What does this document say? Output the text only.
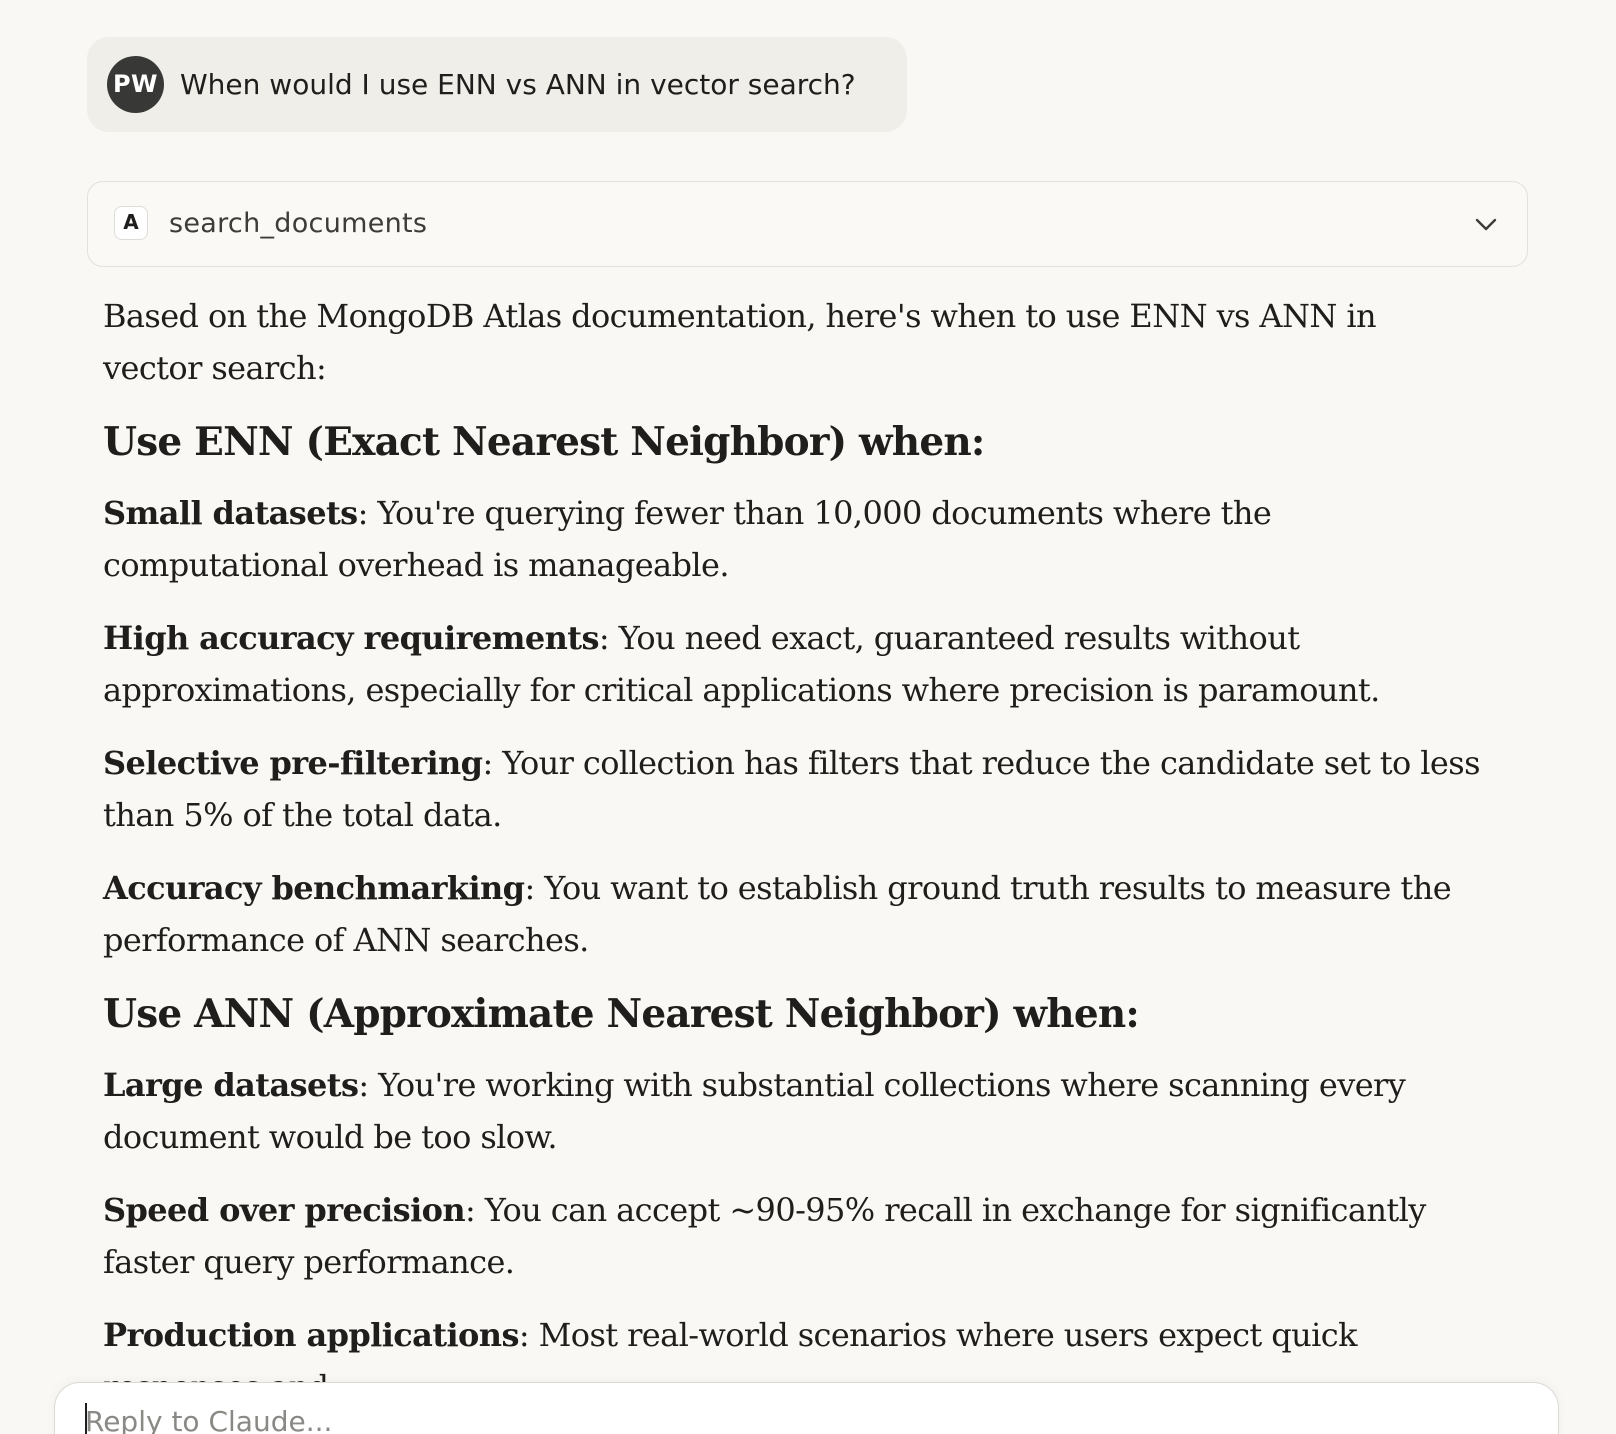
PW When would I use ENN vs ANN in vector search?
A	search_documents

Based on the MongoDB Atlas documentation, here's when to use ENN vs ANN in vector search:

Use ENN (Exact Nearest Neighbor) when:

Small datasets: You're querying fewer than 10,000 documents where the computational overhead is manageable.

High accuracy requirements: You need exact, guaranteed results without approximations, especially for critical applications where precision is paramount.

Selective pre-filtering: Your collection has filters that reduce the candidate set to less than 5% of the total data.

Accuracy benchmarking: You want to establish ground truth results to measure the performance of ANN searches.

Use ANN (Approximate Nearest Neighbor) when:

Large datasets: You're working with substantial collections where scanning every document would be too slow.

Speed over precision: You can accept ~90-95% recall in exchange for significantly faster query performance.

Production applications: Most real-world scenarios where users expect quick

Reply to Claude...
